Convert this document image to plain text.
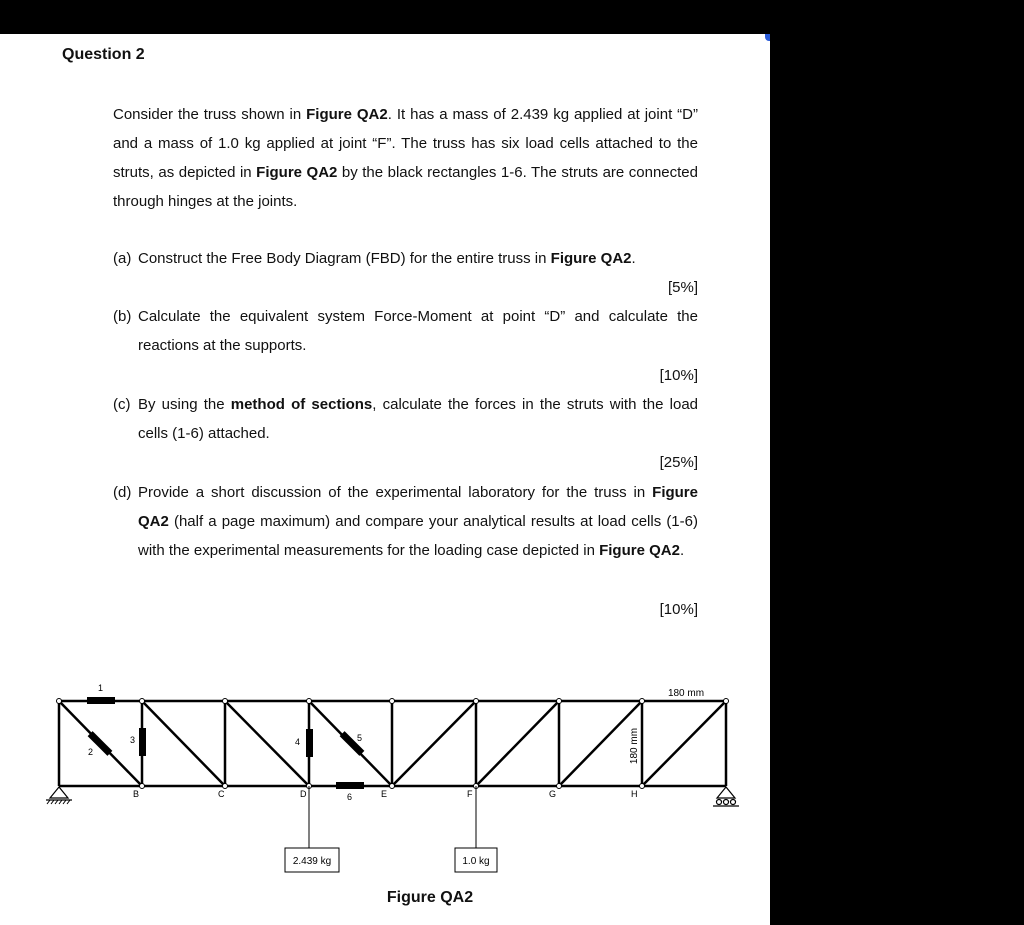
Question 2
Consider the truss shown in Figure QA2. It has a mass of 2.439 kg applied at joint “D” and a mass of 1.0 kg applied at joint “F”. The truss has six load cells attached to the struts, as depicted in Figure QA2 by the black rectangles 1-6. The struts are connected through hinges at the joints.
(a) Construct the Free Body Diagram (FBD) for the entire truss in Figure QA2.
[5%]
(b) Calculate the equivalent system Force-Moment at point “D” and calculate the reactions at the supports.
[10%]
(c) By using the method of sections, calculate the forces in the struts with the load cells (1-6) attached.
[25%]
(d) Provide a short discussion of the experimental laboratory for the truss in Figure QA2 (half a page maximum) and compare your analytical results at load cells (1-6) with the experimental measurements for the loading case depicted in Figure QA2.
[10%]
1
2
3	4	5
6
B	C	D	E	F	G	H
180 mm
180 mm
2.439 kg	1.0 kg
Figure QA2
